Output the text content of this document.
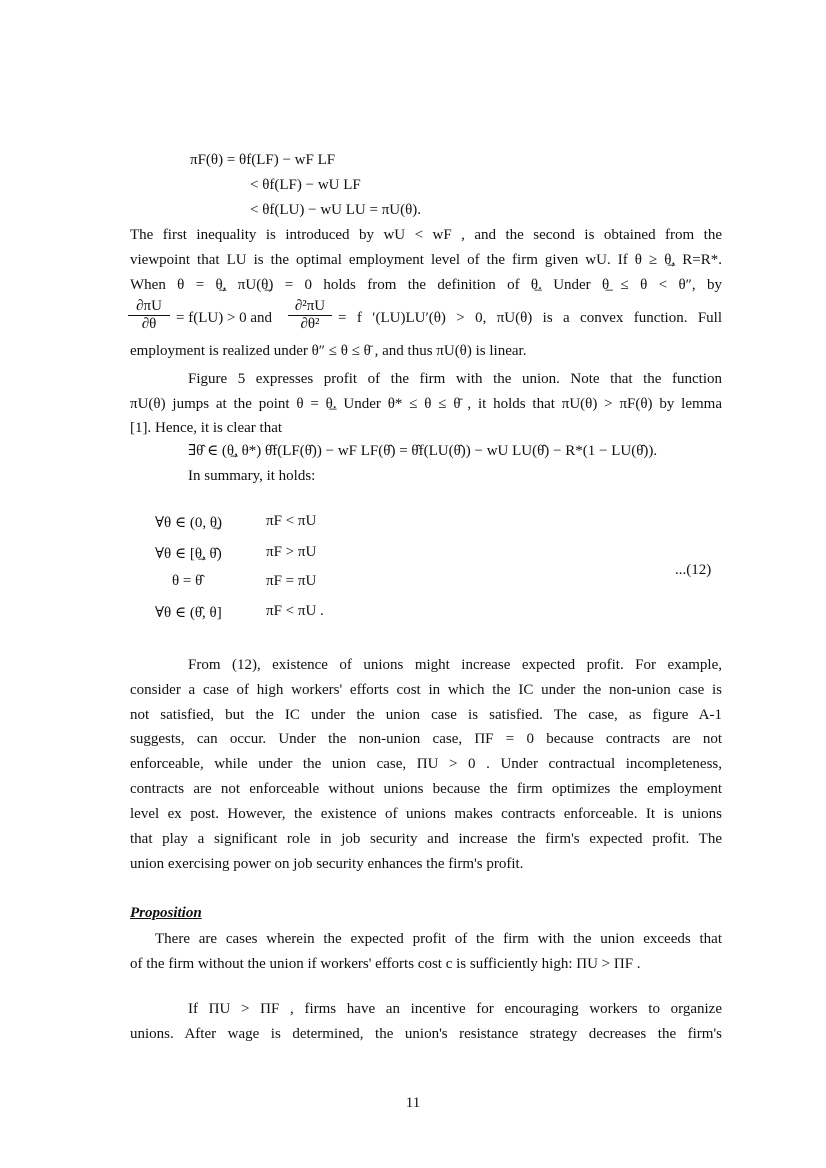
πF(θ) = θf(LF) − wF LF
< θf(LF) − wU LF
< θf(LU) − wU LU = πU(θ).
The first inequality is introduced by wU < wF , and the second is obtained from the
viewpoint that LU is the optimal employment level of the firm given wU. If θ ≥ θ̲, R=R*.
When θ = θ̲, πU(θ̲) = 0 holds from the definition of θ̲. Under θ̲ ≤ θ < θ″, by
$\frac{\partial\pi U}{\partial\theta} = f(LU) > 0$ and $\frac{\text{∂²πU}}{\text{∂θ²}} = f$ ′(LU)LU′(θ) > 0, πU(θ) is a convex function. Full
employment is realized under θ″ ≤ θ ≤ θ̄ , and thus πU(θ) is linear.
Figure 5 expresses profit of the firm with the union. Note that the function
πU(θ) jumps at the point θ = θ̲. Under θ* ≤ θ ≤ θ̄ , it holds that πU(θ) > πF(θ) by lemma
[1]. Hence, it is clear that
∃θ̂ ∈ (θ̲, θ*) θ̂f(LF(θ̂)) − wF LF(θ̂) = θ̂f(LU(θ̂)) − wU LU(θ̂) − R*(1 − LU(θ̂)).
In summary, it holds:
∀θ ∈ (0, θ̲)	πF < πU
∀θ ∈ [θ̲, θ̂)	πF > πU
θ = θ̂	πF = πU
∀θ ∈ (θ̂, θ]	πF < πU .
...(12)
From (12), existence of unions might increase expected profit. For example,
consider a case of high workers' efforts cost in which the IC under the non-union case is
not satisfied, but the IC under the union case is satisfied. The case, as figure A-1
suggests, can occur. Under the non-union case, ΠF = 0 because contracts are not
enforceable, while under the union case, ΠU > 0 . Under contractual incompleteness,
contracts are not enforceable without unions because the firm optimizes the employment
level ex post. However, the existence of unions makes contracts enforceable. It is unions
that play a significant role in job security and increase the firm's expected profit. The
union exercising power on job security enhances the firm's profit.
Proposition
There are cases wherein the expected profit of the firm with the union exceeds that
of the firm without the union if workers' efforts cost c is sufficiently high: ΠU > ΠF .
If ΠU > ΠF , firms have an incentive for encouraging workers to organize
unions. After wage is determined, the union's resistance strategy decreases the firm's
11
